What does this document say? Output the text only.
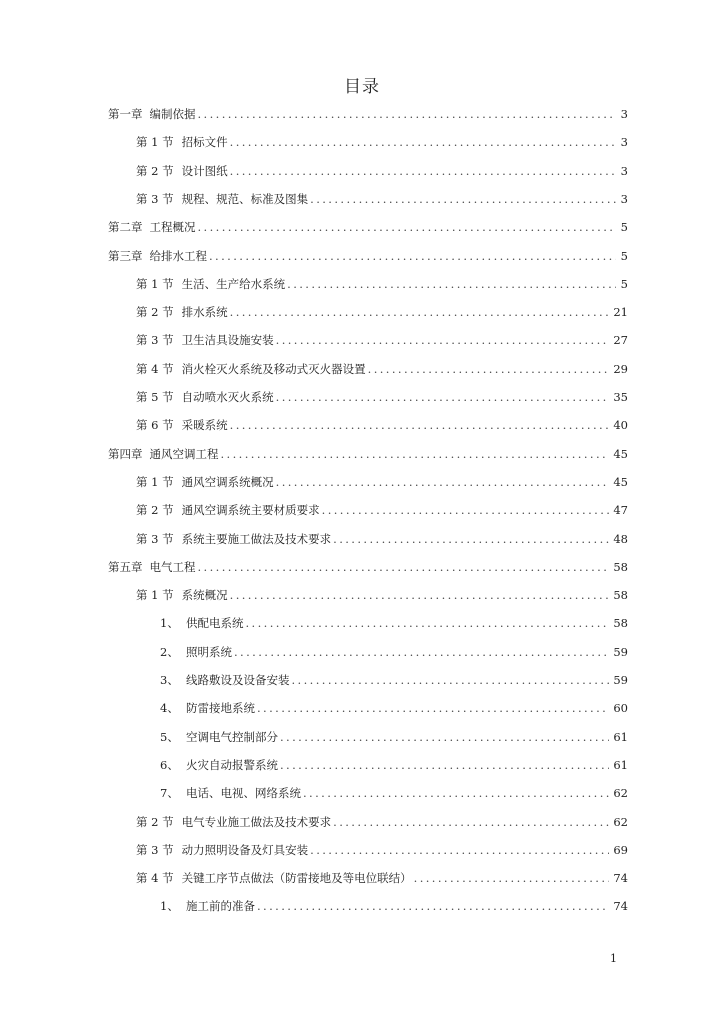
目录
第一章 编制依据 .....	3
第 1 节 招标文件 .....	3
第 2 节 设计图纸 .....	3
第 3 节 规程、规范、标准及图集 .....	3
第二章 工程概况 .....	5
第三章 给排水工程 .....	5
第 1 节 生活、生产给水系统 .....	5
第 2 节 排水系统 .....	21
第 3 节 卫生洁具设施安装 .....	27
第 4 节 消火栓灭火系统及移动式灭火器设置 .....	29
第 5 节 自动喷水灭火系统 .....	35
第 6 节 采暖系统 .....	40
第四章 通风空调工程 .....	45
第 1 节 通风空调系统概况 .....	45
第 2 节 通风空调系统主要材质要求 .....	47
第 3 节 系统主要施工做法及技术要求 .....	48
第五章 电气工程 .....	58
第 1 节 系统概况 .....	58
1、 供配电系统 .....	58
2、 照明系统 .....	59
3、 线路敷设及设备安装 .....	59
4、 防雷接地系统 .....	60
5、 空调电气控制部分 .....	61
6、 火灾自动报警系统 .....	61
7、 电话、电视、网络系统 .....	62
第 2 节 电气专业施工做法及技术要求 .....	62
第 3 节 动力照明设备及灯具安装 .....	69
第 4 节 关键工序节点做法（防雷接地及等电位联结） .....	74
1、 施工前的准备 .....	74
1
